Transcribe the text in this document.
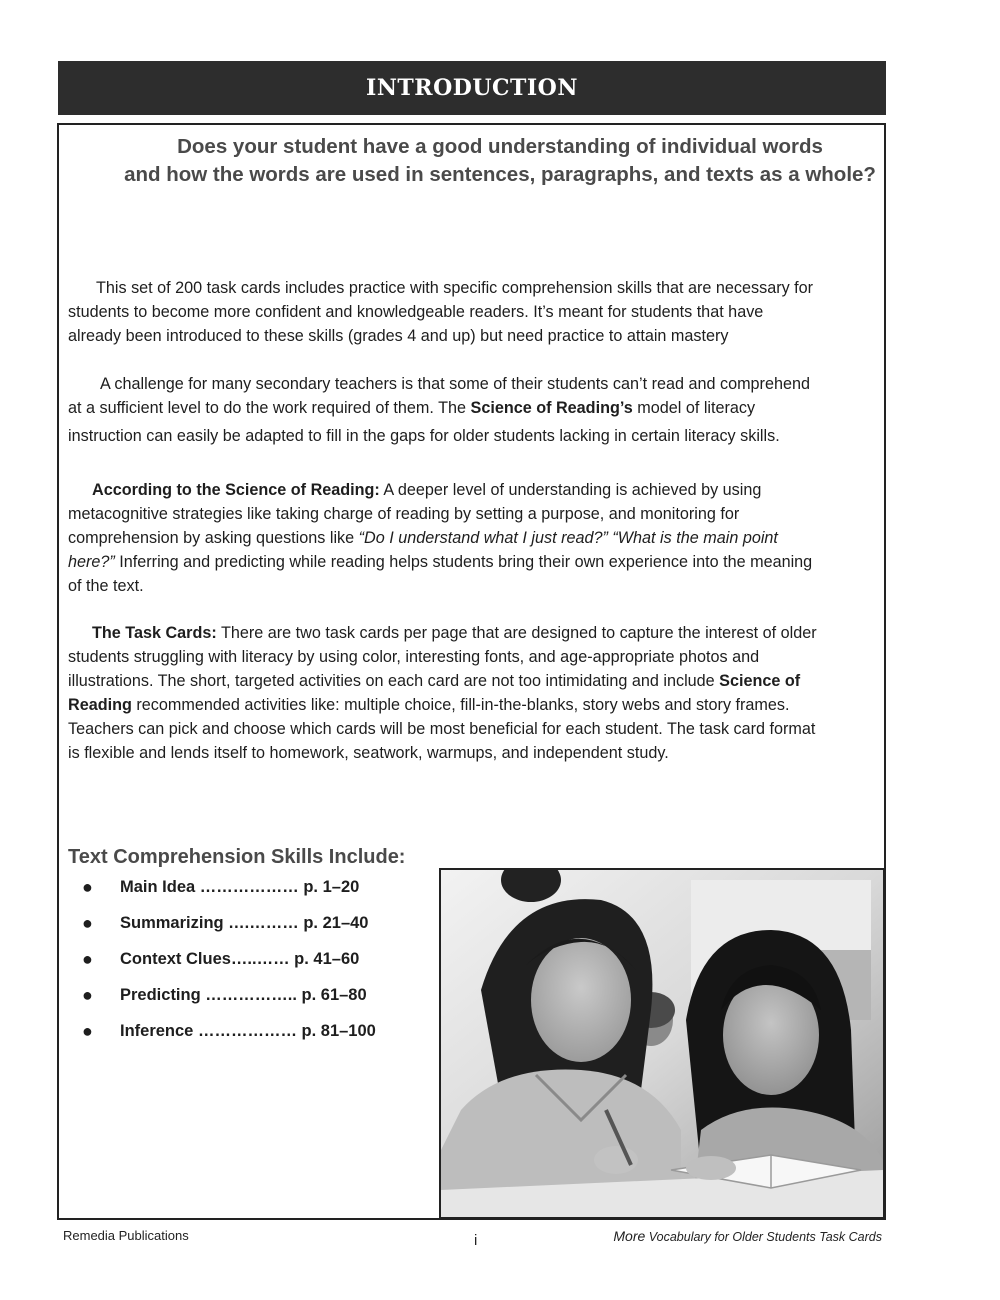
INTRODUCTION
Does your student have a good understanding of individual words
and how the words are used in sentences, paragraphs, and texts as a whole?
This set of 200 task cards includes practice with specific comprehension skills that are necessary for
students to become more confident and knowledgeable readers. It’s meant for students that have
already been introduced to these skills (grades 4 and up) but need practice to attain mastery
A challenge for many secondary teachers is that some of their students can’t read and comprehend
at a sufficient level to do the work required of them. The Science of Reading’s model of literacy
instruction can easily be adapted to fill in the gaps for older students lacking in certain literacy skills.
According to the Science of Reading: A deeper level of understanding is achieved by using
metacognitive strategies like taking charge of reading by setting a purpose, and monitoring for
comprehension by asking questions like “Do I understand what I just read?” “What is the main point
here?” Inferring and predicting while reading helps students bring their own experience into the meaning
of the text.
The Task Cards: There are two task cards per page that are designed to capture the interest of older
students struggling with literacy by using color, interesting fonts, and age-appropriate photos and
illustrations. The short, targeted activities on each card are not too intimidating and include Science of
Reading recommended activities like: multiple choice, fill-in-the-blanks, story webs and story frames.
Teachers can pick and choose which cards will be most beneficial for each student. The task card format
is flexible and lends itself to homework, seatwork, warmups, and independent study.
Text Comprehension Skills Include:
● Main Idea ……………… p. 1–20
● Summarizing ….……… p. 21–40
● Context Clues…..…… p. 41–60
● Predicting …………….. p. 61–80
● Inference ……………… p. 81–100
Remedia Publications	i	More Vocabulary for Older Students Task Cards
